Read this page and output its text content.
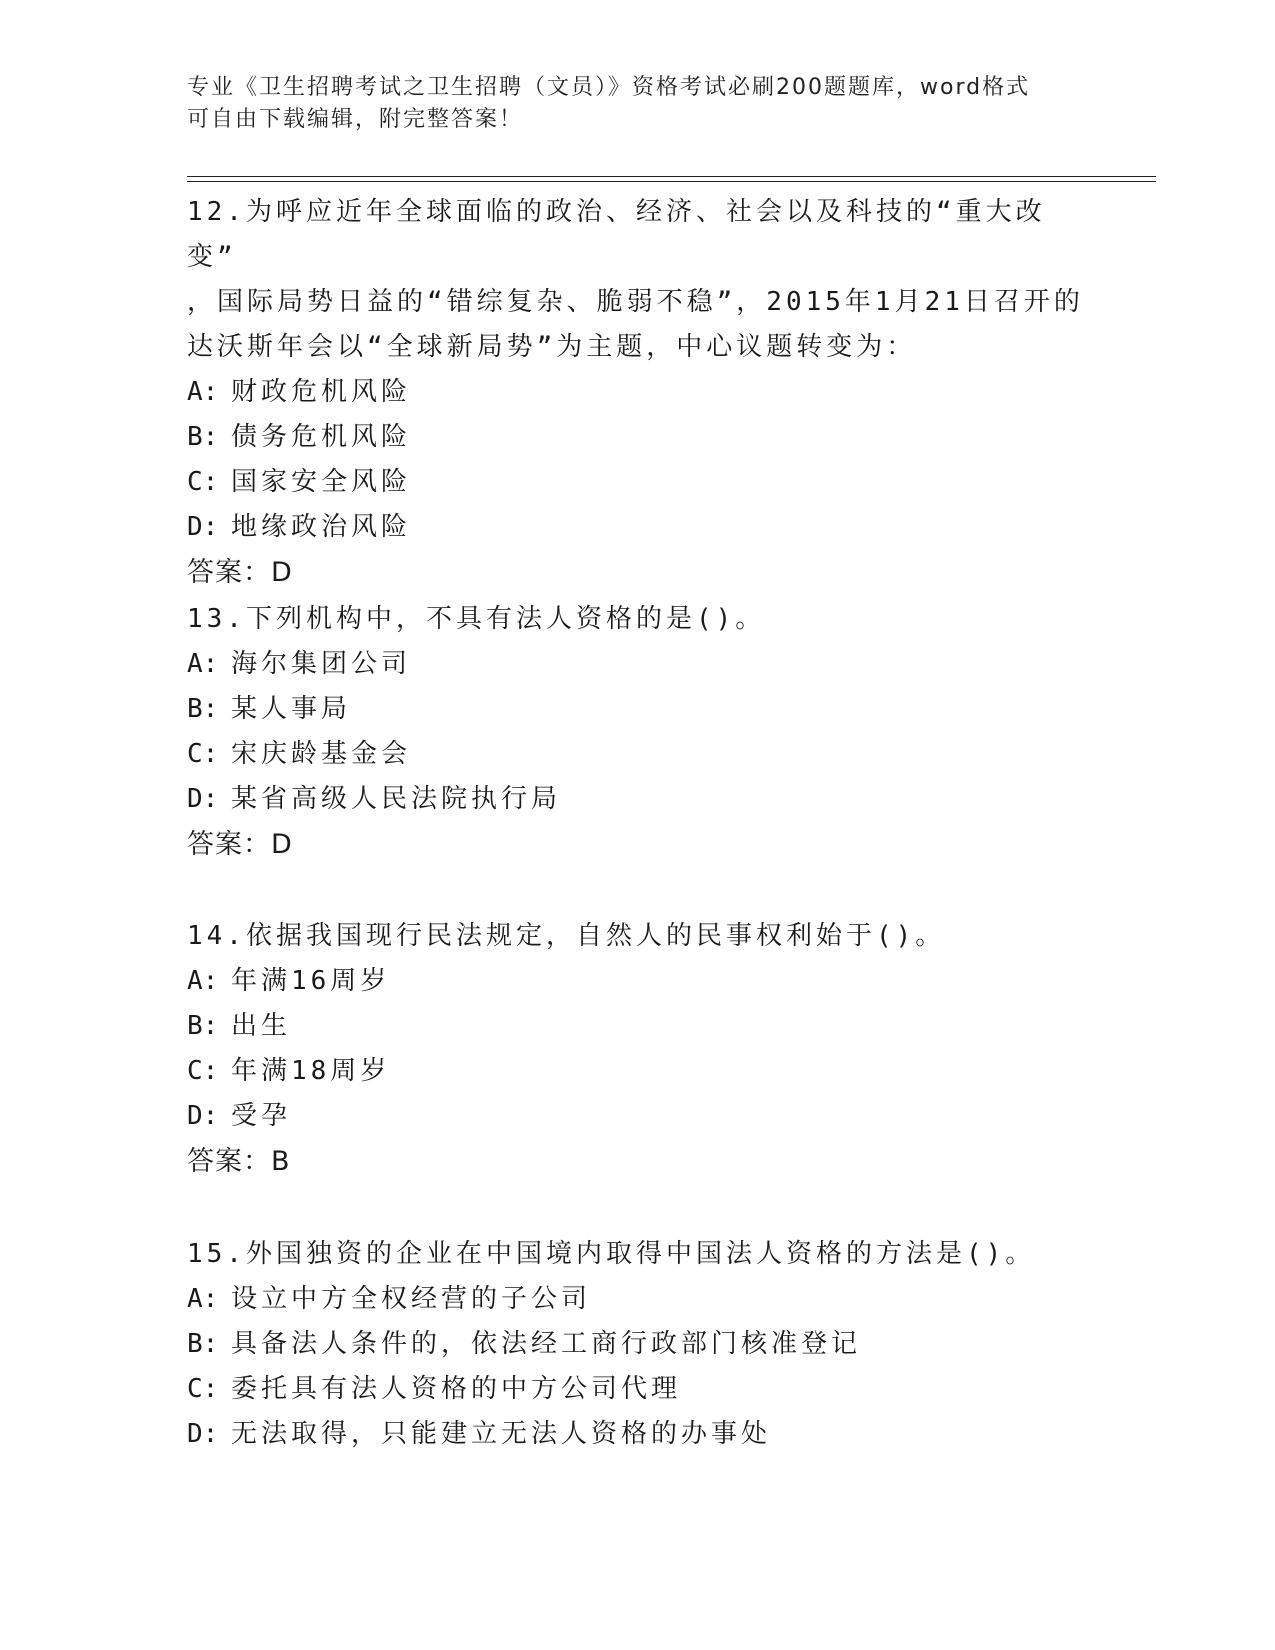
专业《卫生招聘考试之卫生招聘（文员）》资格考试必刷200题题库，word格式
可自由下载编辑，附完整答案！

12.为呼应近年全球面临的政治、经济、社会以及科技的“重大改变”

，国际局势日益的“错综复杂、脆弱不稳”，2015年1月21日召开的

达沃斯年会以“全球新局势”为主题，中心议题转变为：

A: 财政危机风险

B: 债务危机风险

C: 国家安全风险

D: 地缘政治风险

答案：D

13.下列机构中，不具有法人资格的是()。

A: 海尔集团公司

B: 某人事局

C: 宋庆龄基金会

D: 某省高级人民法院执行局

答案：D

14.依据我国现行民法规定，自然人的民事权利始于()。

A: 年满16周岁

B: 出生

C: 年满18周岁

D: 受孕

答案：B

15.外国独资的企业在中国境内取得中国法人资格的方法是()。

A: 设立中方全权经营的子公司

B: 具备法人条件的，依法经工商行政部门核准登记

C: 委托具有法人资格的中方公司代理

D: 无法取得，只能建立无法人资格的办事处
